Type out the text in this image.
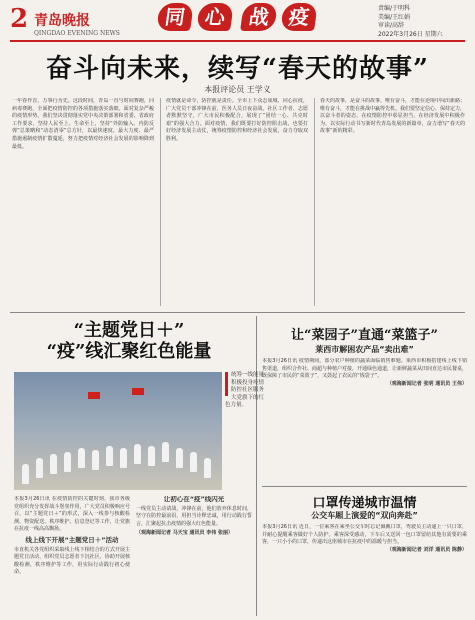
2 青岛晚报
QINGDAO EVENING NEWS
同 心	战 疫	责编/于明科
美编/王红娟
审读/高辞
2022年3月26日 星期六
奋斗向未来，续写“春天的故事”
本报评论员 王学义
一年春作首，万事行为先。这段时间，青岛一直与时间赛跑，同病毒赛跑，全面把疫情防控的各项措施落实落细。面对复杂严峻的疫情形势，我们坚决贯彻落实党中央决策部署和省委、省政府工作要求，坚持人民至上、生命至上，坚持“外防输入、内防反弹”总策略和“动态清零”总方针，以最快速度、最大力度、最严措施遏制疫情扩散蔓延，努力把疫情对经济社会发展的影响降到最低。
疫情就是命令，防控就是责任。全市上下众志成城、同心抗疫，广大党员干部冲锋在前，医务人员日夜奋战，社区工作者、志愿者默默坚守，广大市民积极配合，展现了“团结一心、共克时艰”的强大合力。面对疫情，我们既要打好防控阻击战，也要打好经济发展主动仗，统筹疫情防控和经济社会发展，奋力夺取双胜利。
春天的故事，是奋斗的故事。唯有奋斗，才能在逆境中闯出新路；唯有奋斗，才能在挑战中赢得先机。我们要坚定信心、保持定力，以奋斗者的姿态，在疫情防控中彰显担当，在经济发展中积极作为，以实际行动书写新时代青岛发展的新篇章，奋力谱写“春天的故事”新的精彩。
“主题党日＋”
“疫”线汇聚红色能量
统筹一线能量积极投身疫情防控社区服务大党旗下的红色力量。
本报3月26日讯 在疫情防控的关键时刻，我市各级党组织充分发挥战斗堡垒作用，广大党员积极响应号召，以“主题党日＋”的形式，深入一线参与核酸检测、物资配送、秩序维护、信息登记等工作，让党旗在抗疫一线高高飘扬。
线上线下开展“主题党日＋”活动
市直机关各党组织采取线上线下相结合的方式开展主题党日活动，组织党员志愿者下沉社区，协助开展核酸检测、秩序维护等工作，用实际行动践行初心使命。
让初心在“疫”线闪光
一线党员主动请战，冲锋在前，他们放弃休息时间，坚守在防控最前沿，用担当诠释忠诚，用行动践行誓言，汇聚起抗击疫情的强大红色能量。
（观海新闻记者 马天宝 通讯员 李伟 张丽）
让“菜园子”直通“菜篮子”
莱西市解困农产品“卖出难”
本报3月26日讯 疫情期间，部分农户种植的蔬菜面临销售难题。莱西市积极搭建线上线下销售渠道，组织合作社、商超与种植户对接，开通绿色通道，让新鲜蔬菜从田间直达市民餐桌，既保障了市民的“菜篮子”，又鼓起了农民的“钱袋子”。
（观海新闻记者 张明 通讯员 王伟）
口罩传递城市温情
公交车厢上演爱的“双向奔赴”
本报3月26日讯 近日，一位乘客在乘坐公交车时忘记佩戴口罩，驾驶员主动递上一只口罩，并耐心提醒乘客做好个人防护。乘客深受感动，下车后又送回一包口罩留给其他有需要的乘客，一只小小的口罩，传递出这座城市在抗疫中的温暖与担当。
（观海新闻记者 刘洋 通讯员 陈静）
